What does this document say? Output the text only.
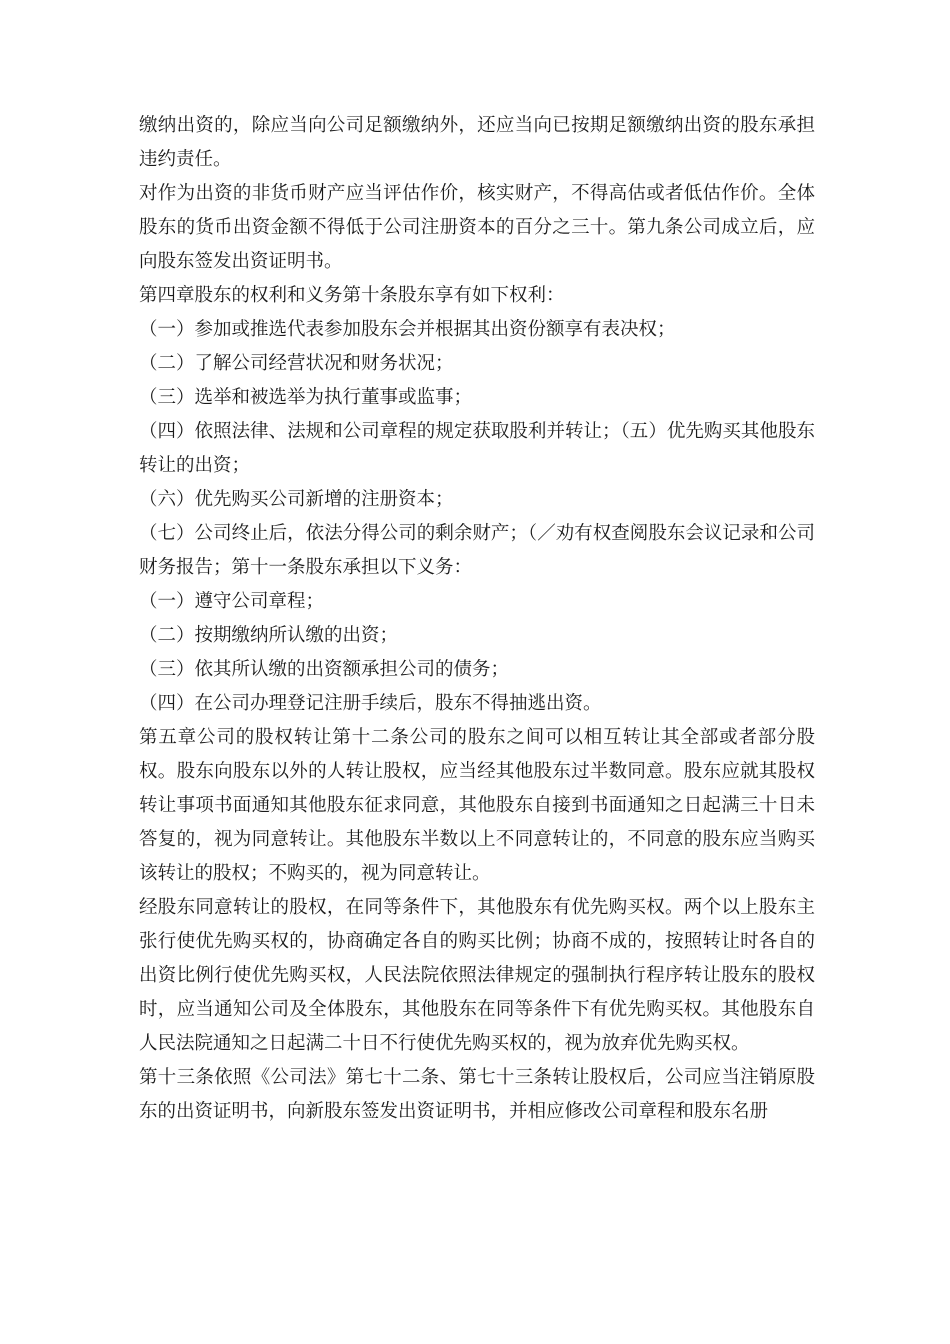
缴纳出资的，除应当向公司足额缴纳外，还应当向已按期足额缴纳出资的股东承担违约责任。

对作为出资的非货币财产应当评估作价，核实财产，不得高估或者低估作价。全体股东的货币出资金额不得低于公司注册资本的百分之三十。第九条公司成立后，应向股东签发出资证明书。

第四章股东的权利和义务第十条股东享有如下权利：

（一）参加或推选代表参加股东会并根据其出资份额享有表决权；

（二）了解公司经营状况和财务状况；

（三）选举和被选举为执行董事或监事；

（四）依照法律、法规和公司章程的规定获取股利并转让；（五）优先购买其他股东转让的出资；

（六）优先购买公司新增的注册资本；

（七）公司终止后，依法分得公司的剩余财产；（／劝有权查阅股东会议记录和公司财务报告；第十一条股东承担以下义务：

（一）遵守公司章程；

（二）按期缴纳所认缴的出资；

（三）依其所认缴的出资额承担公司的债务；

（四）在公司办理登记注册手续后，股东不得抽逃出资。

第五章公司的股权转让第十二条公司的股东之间可以相互转让其全部或者部分股权。股东向股东以外的人转让股权，应当经其他股东过半数同意。股东应就其股权转让事项书面通知其他股东征求同意，其他股东自接到书面通知之日起满三十日未答复的，视为同意转让。其他股东半数以上不同意转让的，不同意的股东应当购买该转让的股权；不购买的，视为同意转让。

经股东同意转让的股权，在同等条件下，其他股东有优先购买权。两个以上股东主张行使优先购买权的，协商确定各自的购买比例；协商不成的，按照转让时各自的出资比例行使优先购买权，人民法院依照法律规定的强制执行程序转让股东的股权时，应当通知公司及全体股东，其他股东在同等条件下有优先购买权。其他股东自人民法院通知之日起满二十日不行使优先购买权的，视为放弃优先购买权。

第十三条依照《公司法》第七十二条、第七十三条转让股权后，公司应当注销原股东的出资证明书，向新股东签发出资证明书，并相应修改公司章程和股东名册
